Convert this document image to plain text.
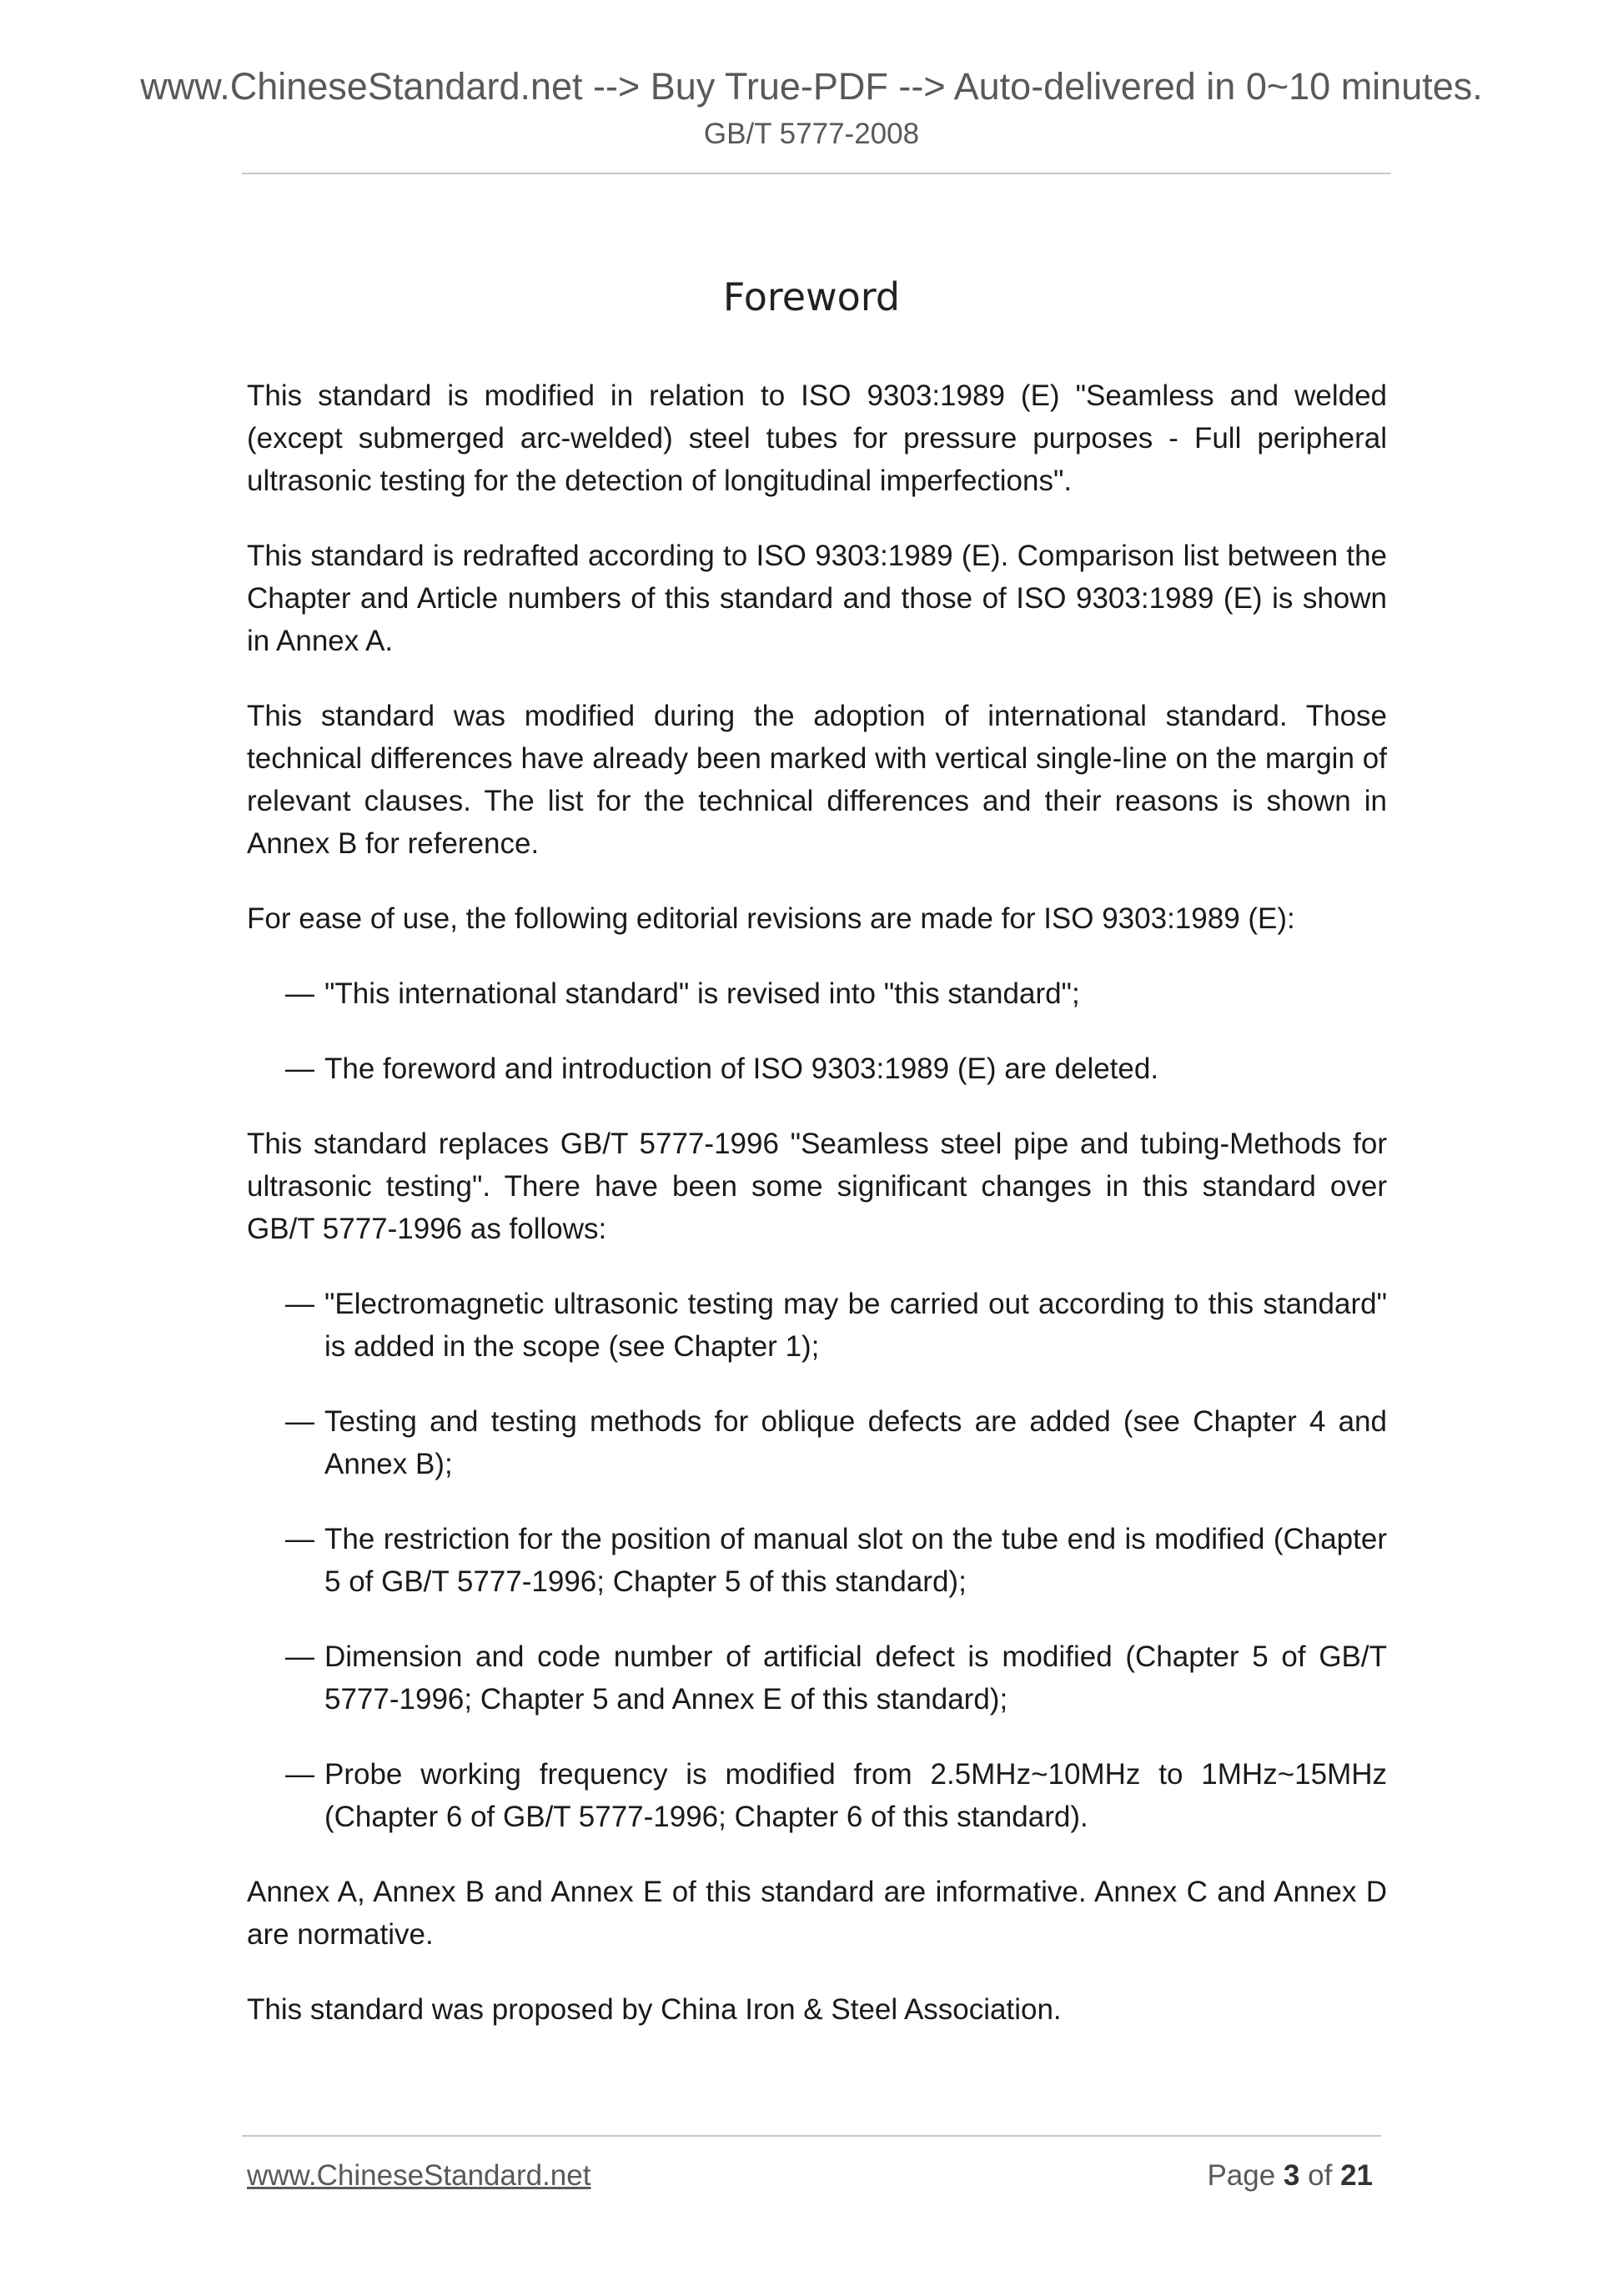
www.ChineseStandard.net --> Buy True-PDF --> Auto-delivered in 0~10 minutes.
GB/T 5777-2008
Foreword

This standard is modified in relation to ISO 9303:1989 (E) "Seamless and welded (except submerged arc-welded) steel tubes for pressure purposes - Full peripheral ultrasonic testing for the detection of longitudinal imperfections".

This standard is redrafted according to ISO 9303:1989 (E). Comparison list between the Chapter and Article numbers of this standard and those of ISO 9303:1989 (E) is shown in Annex A.

This standard was modified during the adoption of international standard. Those technical differences have already been marked with vertical single-line on the margin of relevant clauses. The list for the technical differences and their reasons is shown in Annex B for reference.

For ease of use, the following editorial revisions are made for ISO 9303:1989 (E):

— "This international standard" is revised into "this standard";

— The foreword and introduction of ISO 9303:1989 (E) are deleted.

This standard replaces GB/T 5777-1996 "Seamless steel pipe and tubing-Methods for ultrasonic testing". There have been some significant changes in this standard over GB/T 5777-1996 as follows:

— "Electromagnetic ultrasonic testing may be carried out according to this standard" is added in the scope (see Chapter 1);

— Testing and testing methods for oblique defects are added (see Chapter 4 and Annex B);

— The restriction for the position of manual slot on the tube end is modified (Chapter 5 of GB/T 5777-1996; Chapter 5 of this standard);

— Dimension and code number of artificial defect is modified (Chapter 5 of GB/T 5777-1996; Chapter 5 and Annex E of this standard);

— Probe working frequency is modified from 2.5MHz~10MHz to 1MHz~15MHz (Chapter 6 of GB/T 5777-1996; Chapter 6 of this standard).

Annex A, Annex B and Annex E of this standard are informative. Annex C and Annex D are normative.

This standard was proposed by China Iron & Steel Association.

www.ChineseStandard.net	Page 3 of 21
